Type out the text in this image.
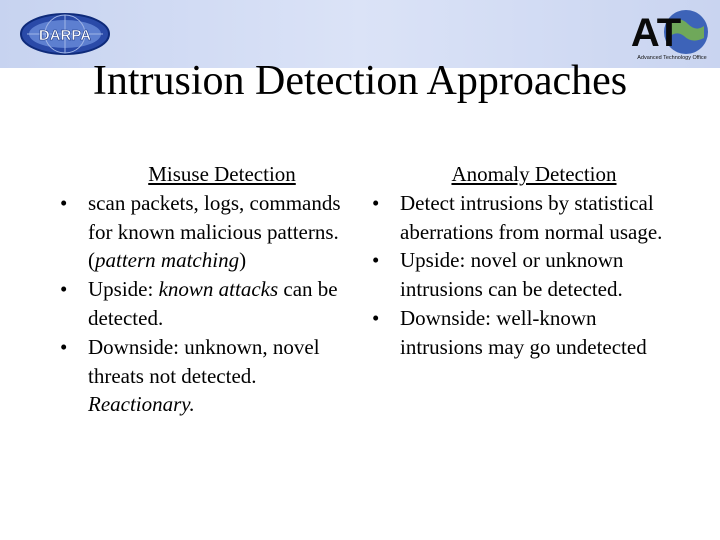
DARPA	AT
Advanced Technology Office
Intrusion Detection Approaches

Misuse Detection

• scan packets, logs, commands for known malicious patterns. (pattern matching)
• Upside: known attacks can be detected.
• Downside: unknown, novel threats not detected. Reactionary.

Anomaly Detection

• Detect intrusions by statistical aberrations from normal usage.
• Upside: novel or unknown intrusions can be detected.
• Downside: well-known intrusions may go undetected
